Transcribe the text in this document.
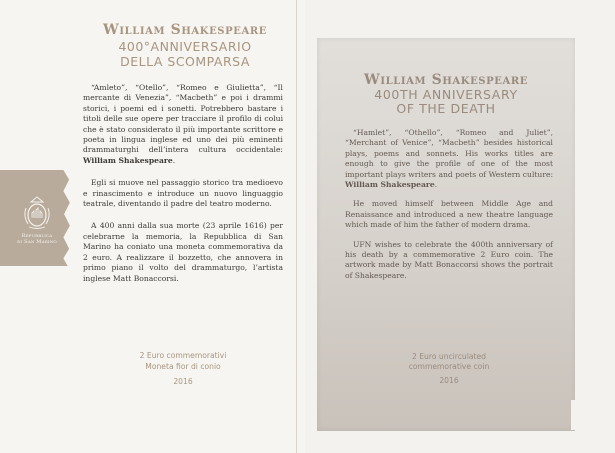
Repubblica
di San Marino
William Shakespeare
400°ANNIVERSARIO
DELLA SCOMPARSA

“Amleto”, “Otello”, “Romeo e Giulietta”, “Il mercante di Venezia”, “Macbeth” e poi i drammi storici, i poemi ed i sonetti. Potrebbero bastare i titoli delle sue opere per tracciare il profilo di colui che è stato considerato il più importante scrittore e poeta in lingua inglese ed uno dei più eminenti drammaturghi dell’intera cultura occidentale: William Shakespeare.

Egli si muove nel passaggio storico tra medioevo e rinascimento e introduce un nuovo linguaggio teatrale, diventando il padre del teatro moderno.

A 400 anni dalla sua morte (23 aprile 1616) per celebrarne la memoria, la Repubblica di San Marino ha coniato una moneta commemorativa da 2 euro. A realizzare il bozzetto, che annovera in primo piano il volto del drammaturgo, l’artista inglese Matt Bonaccorsi.

2 Euro commemorativi
Moneta fior di conio
2016
William Shakespeare
400TH ANNIVERSARY
OF THE DEATH

“Hamlet”, “Othello”, “Romeo and Juliet”, “Merchant of Venice”, “Macbeth” besides historical plays, poems and sonnets. His works titles are enough to give the profile of one of the most important plays writers and poets of Western culture: William Shakespeare.

He moved himself between Middle Age and Renaissance and introduced a new theatre language which made of him the father of modern drama.

UFN wishes to celebrate the 400th anniversary of his death by a commemorative 2 Euro coin. The artwork made by Matt Bonaccorsi shows the portrait of Shakespeare.

2 Euro uncirculated
commemorative coin
2016
